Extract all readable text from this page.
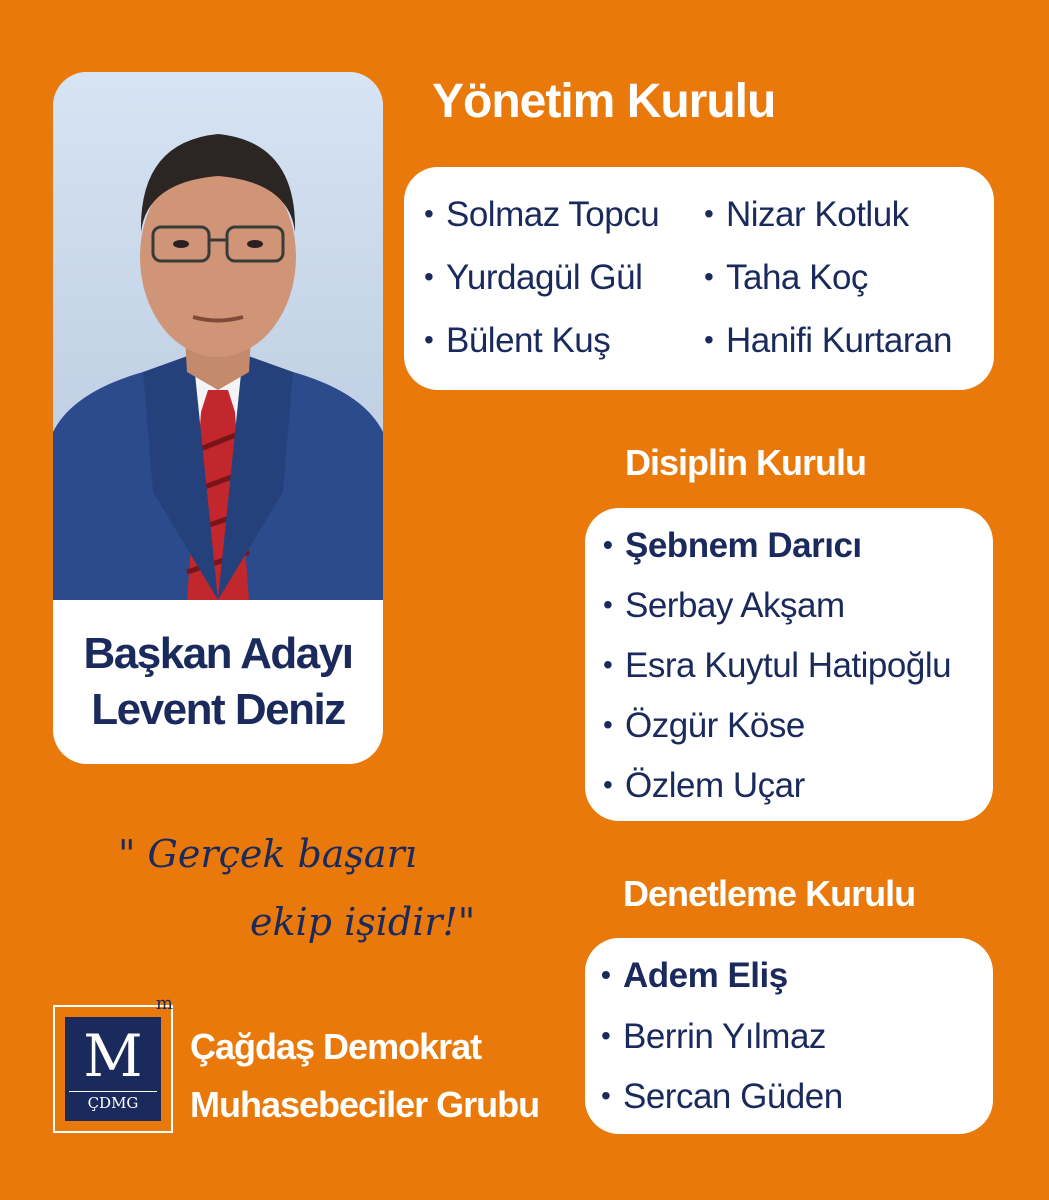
Başkan Adayı
Levent Deniz
Yönetim Kurulu
• Solmaz Topcu • Nizar Kotluk
• Yurdagül Gül • Taha Koç
• Bülent Kuş	• Hanifi Kurtaran
Disiplin Kurulu
• Şebnem Darıcı
• Serbay Akşam
• Esra Kuytul Hatipoğlu
• Özgür Köse
• Özlem Uçar
Denetleme Kurulu
• Adem Eliş
• Berrin Yılmaz
• Sercan Güden
" Gerçek başarı
ekip işidir!"
M
ÇDMG
m
Çağdaş Demokrat
Muhasebeciler Grubu
